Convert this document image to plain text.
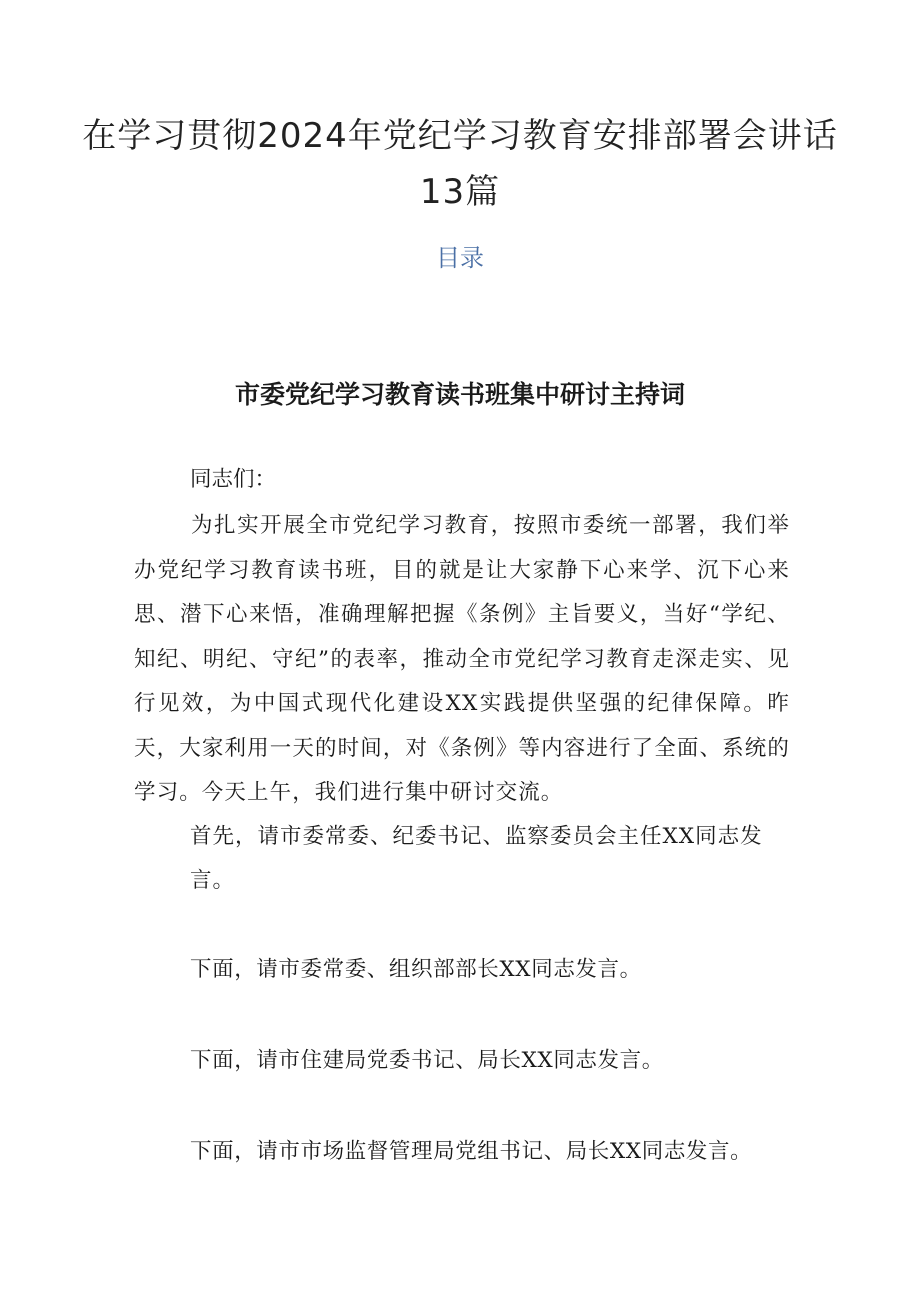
在学习贯彻2024年党纪学习教育安排部署会讲话13篇
目录
市委党纪学习教育读书班集中研讨主持词

同志们：

为扎实开展全市党纪学习教育，按照市委统一部署，我们举办党纪学习教育读书班，目的就是让大家静下心来学、沉下心来思、潜下心来悟，准确理解把握《条例》主旨要义，当好“学纪、知纪、明纪、守纪”的表率，推动全市党纪学习教育走深走实、见行见效，为中国式现代化建设XX实践提供坚强的纪律保障。昨天，大家利用一天的时间，对《条例》等内容进行了全面、系统的学习。今天上午，我们进行集中研讨交流。

首先，请市委常委、纪委书记、监察委员会主任XX同志发言。

下面，请市委常委、组织部部长XX同志发言。

下面，请市住建局党委书记、局长XX同志发言。

下面，请市市场监督管理局党组书记、局长XX同志发言。
